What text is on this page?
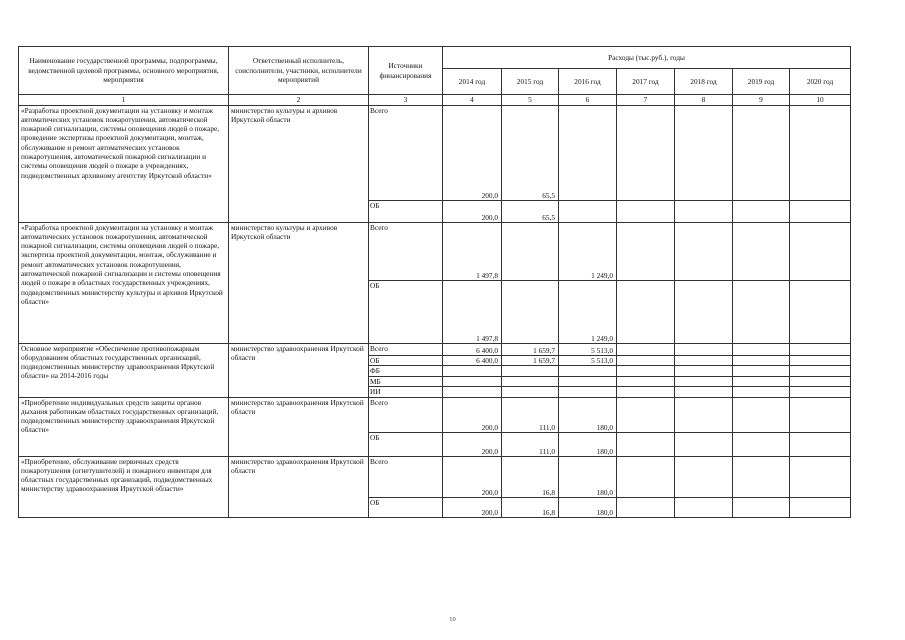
Наименование государственной программы, подпрограммы, ведомственной целевой программы, основного мероприятия, мероприятия	Ответственный исполнитель, соисполнители, участники, исполнители мероприятий	Источники финансирования	Расходы (тыс.руб.), годы						
			2014 год	2015 год	2016 год	2017 год	2018 год	2019 год	2020 год
1	2	3	4	5	6	7	8	9	10
«Разработка проектной документации на установку и монтаж автоматических установок пожаротушения, автоматической пожарной сигнализации, системы оповещения людей о пожаре, проведение экспертизы проектной документации, монтаж, обслуживание и ремонт автоматических установок пожаротушения, автоматической пожарной сигнализации и системы оповещения людей о пожаре в учреждениях, подведомственных архивному агентству Иркутской области»	министерство культуры и архивов Иркутской области	Всего	200,0	65,5					
		ОБ	200,0	65,5					
«Разработка проектной документации на установку и монтаж автоматических установок пожаротушения, автоматической пожарной сигнализации, системы оповещения людей о пожаре, экспертиза проектной документации, монтаж, обслуживание и ремонт автоматических установок пожаротушения, автоматической пожарной сигнализации и системы оповещения людей о пожаре в областных государственных учреждениях, подведомственных министерству культуры и архивов Иркутской области»	министерство культуры и архивов Иркутской области	Всего	1 497,8		1 249,0				
		ОБ	1 497,8		1 249,0				
Основное мероприятие «Обеспечение противопожарным оборудованием областных государственных организаций, подведомственных министерству здравоохранения Иркутской области» на 2014-2016 годы	министерство здравоохранения Иркутской области	Всего	6 400,0	1 659,7	5 513,0				
		ОБ	6 400,0	1 659,7	5 513,0				
		ФБ							
		МБ							
		ИИ							
«Приобретение индивидуальных средств защиты органов дыхания работникам областных государственных организаций, подведомственных министерству здравоохранения Иркутской области»	министерство здравоохранения Иркутской области	Всего	200,0	111,0	180,0				
		ОБ	200,0	111,0	180,0				
«Приобретение, обслуживание первичных средств пожаротушения (огнетушителей) и пожарного инвентаря для областных государственных организаций, подведомственных министерству здравоохранения Иркутской области»	министерство здравоохранения Иркутской области	Всего	200,0	16,8	180,0				
		ОБ	200,0	16,8	180,0				
10
